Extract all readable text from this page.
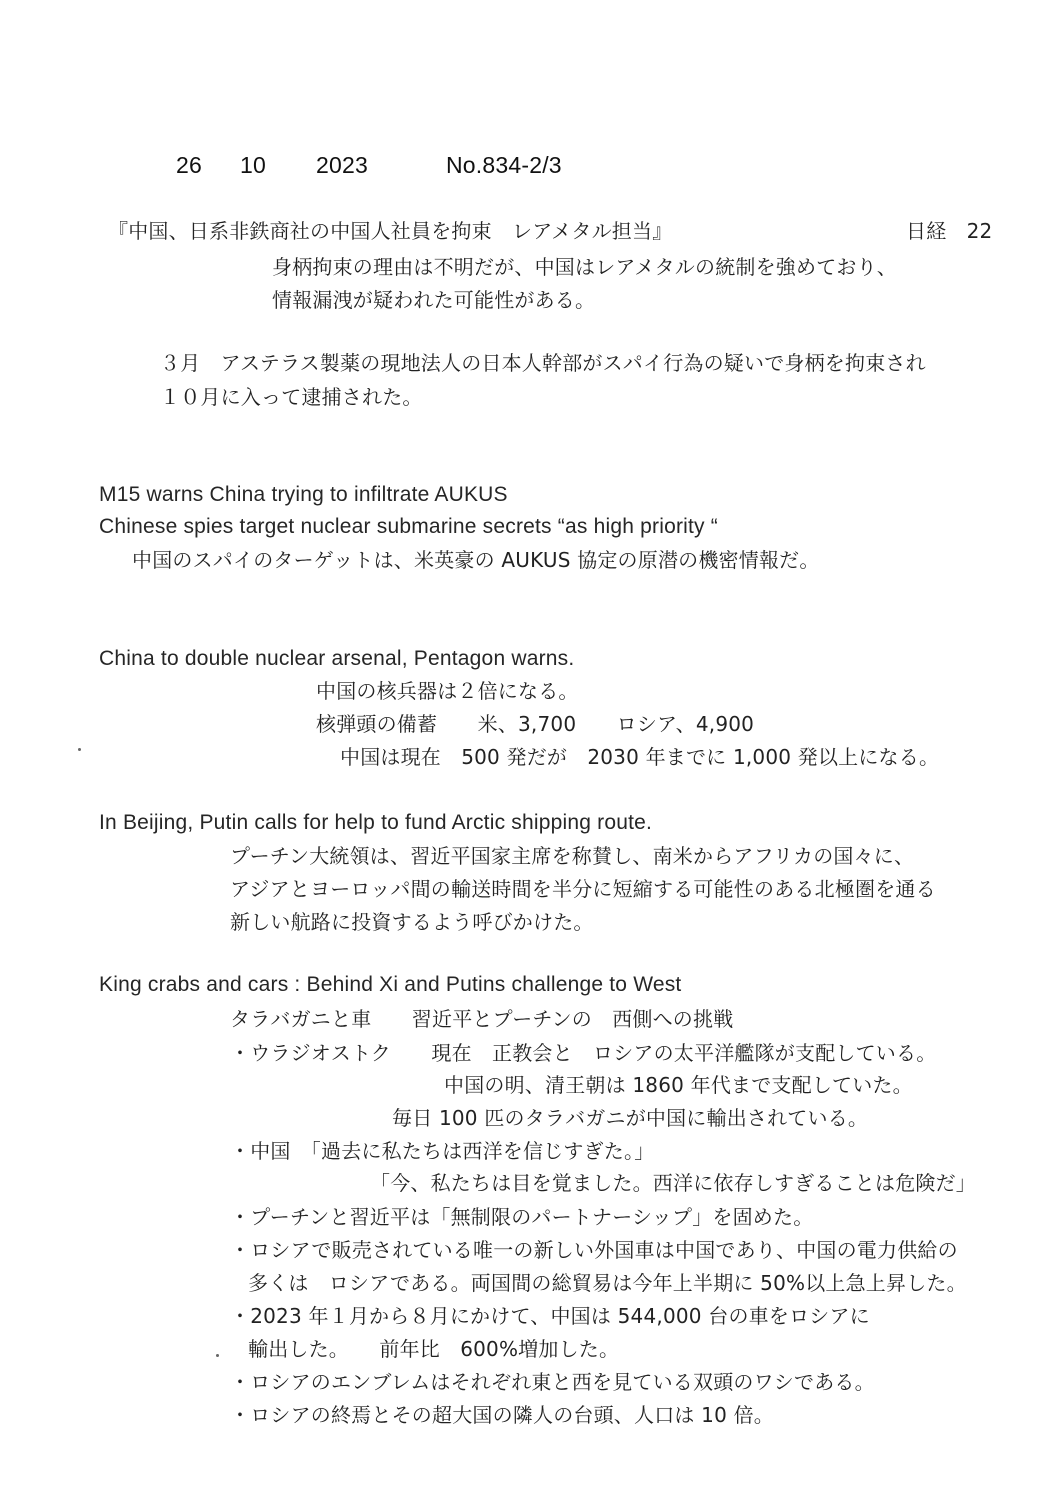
26 10 2023	No.834-2/3
『中国、日系非鉄商社の中国人社員を拘束　レアメタル担当』	日経　22
身柄拘束の理由は不明だが、中国はレアメタルの統制を強めており、
情報漏洩が疑われた可能性がある。
３月　アステラス製薬の現地法人の日本人幹部がスパイ行為の疑いで身柄を拘束され
１０月に入って逮捕された。
M15 warns China trying to infiltrate AUKUS
Chinese spies target nuclear submarine secrets “as high priority “
中国のスパイのターゲットは、米英豪の AUKUS 協定の原潜の機密情報だ。
China to double nuclear arsenal, Pentagon warns.
中国の核兵器は２倍になる。
核弾頭の備蓄　　米、3,700　　ロシア、4,900
中国は現在　500 発だが　2030 年までに 1,000 発以上になる。
In Beijing, Putin calls for help to fund Arctic shipping route.
プーチン大統領は、習近平国家主席を称賛し、南米からアフリカの国々に、
アジアとヨーロッパ間の輸送時間を半分に短縮する可能性のある北極圏を通る
新しい航路に投資するよう呼びかけた。
King crabs and cars : Behind Xi and Putins challenge to West
タラバガニと車　　習近平とプーチンの　西側への挑戦
・ウラジオストク　　現在　正教会と　ロシアの太平洋艦隊が支配している。
中国の明、清王朝は 1860 年代まで支配していた。
毎日 100 匹のタラバガニが中国に輸出されている。
・中国　「過去に私たちは西洋を信じすぎた。」
「今、私たちは目を覚ました。西洋に依存しすぎることは危険だ」
・プーチンと習近平は「無制限のパートナーシップ」を固めた。
・ロシアで販売されている唯一の新しい外国車は中国であり、中国の電力供給の
多くは　ロシアである。両国間の総貿易は今年上半期に 50%以上急上昇した。
・2023 年１月から８月にかけて、中国は 544,000 台の車をロシアに
輸出した。　　前年比　600%増加した。
・ロシアのエンブレムはそれぞれ東と西を見ている双頭のワシである。
・ロシアの終焉とその超大国の隣人の台頭、人口は 10 倍。
